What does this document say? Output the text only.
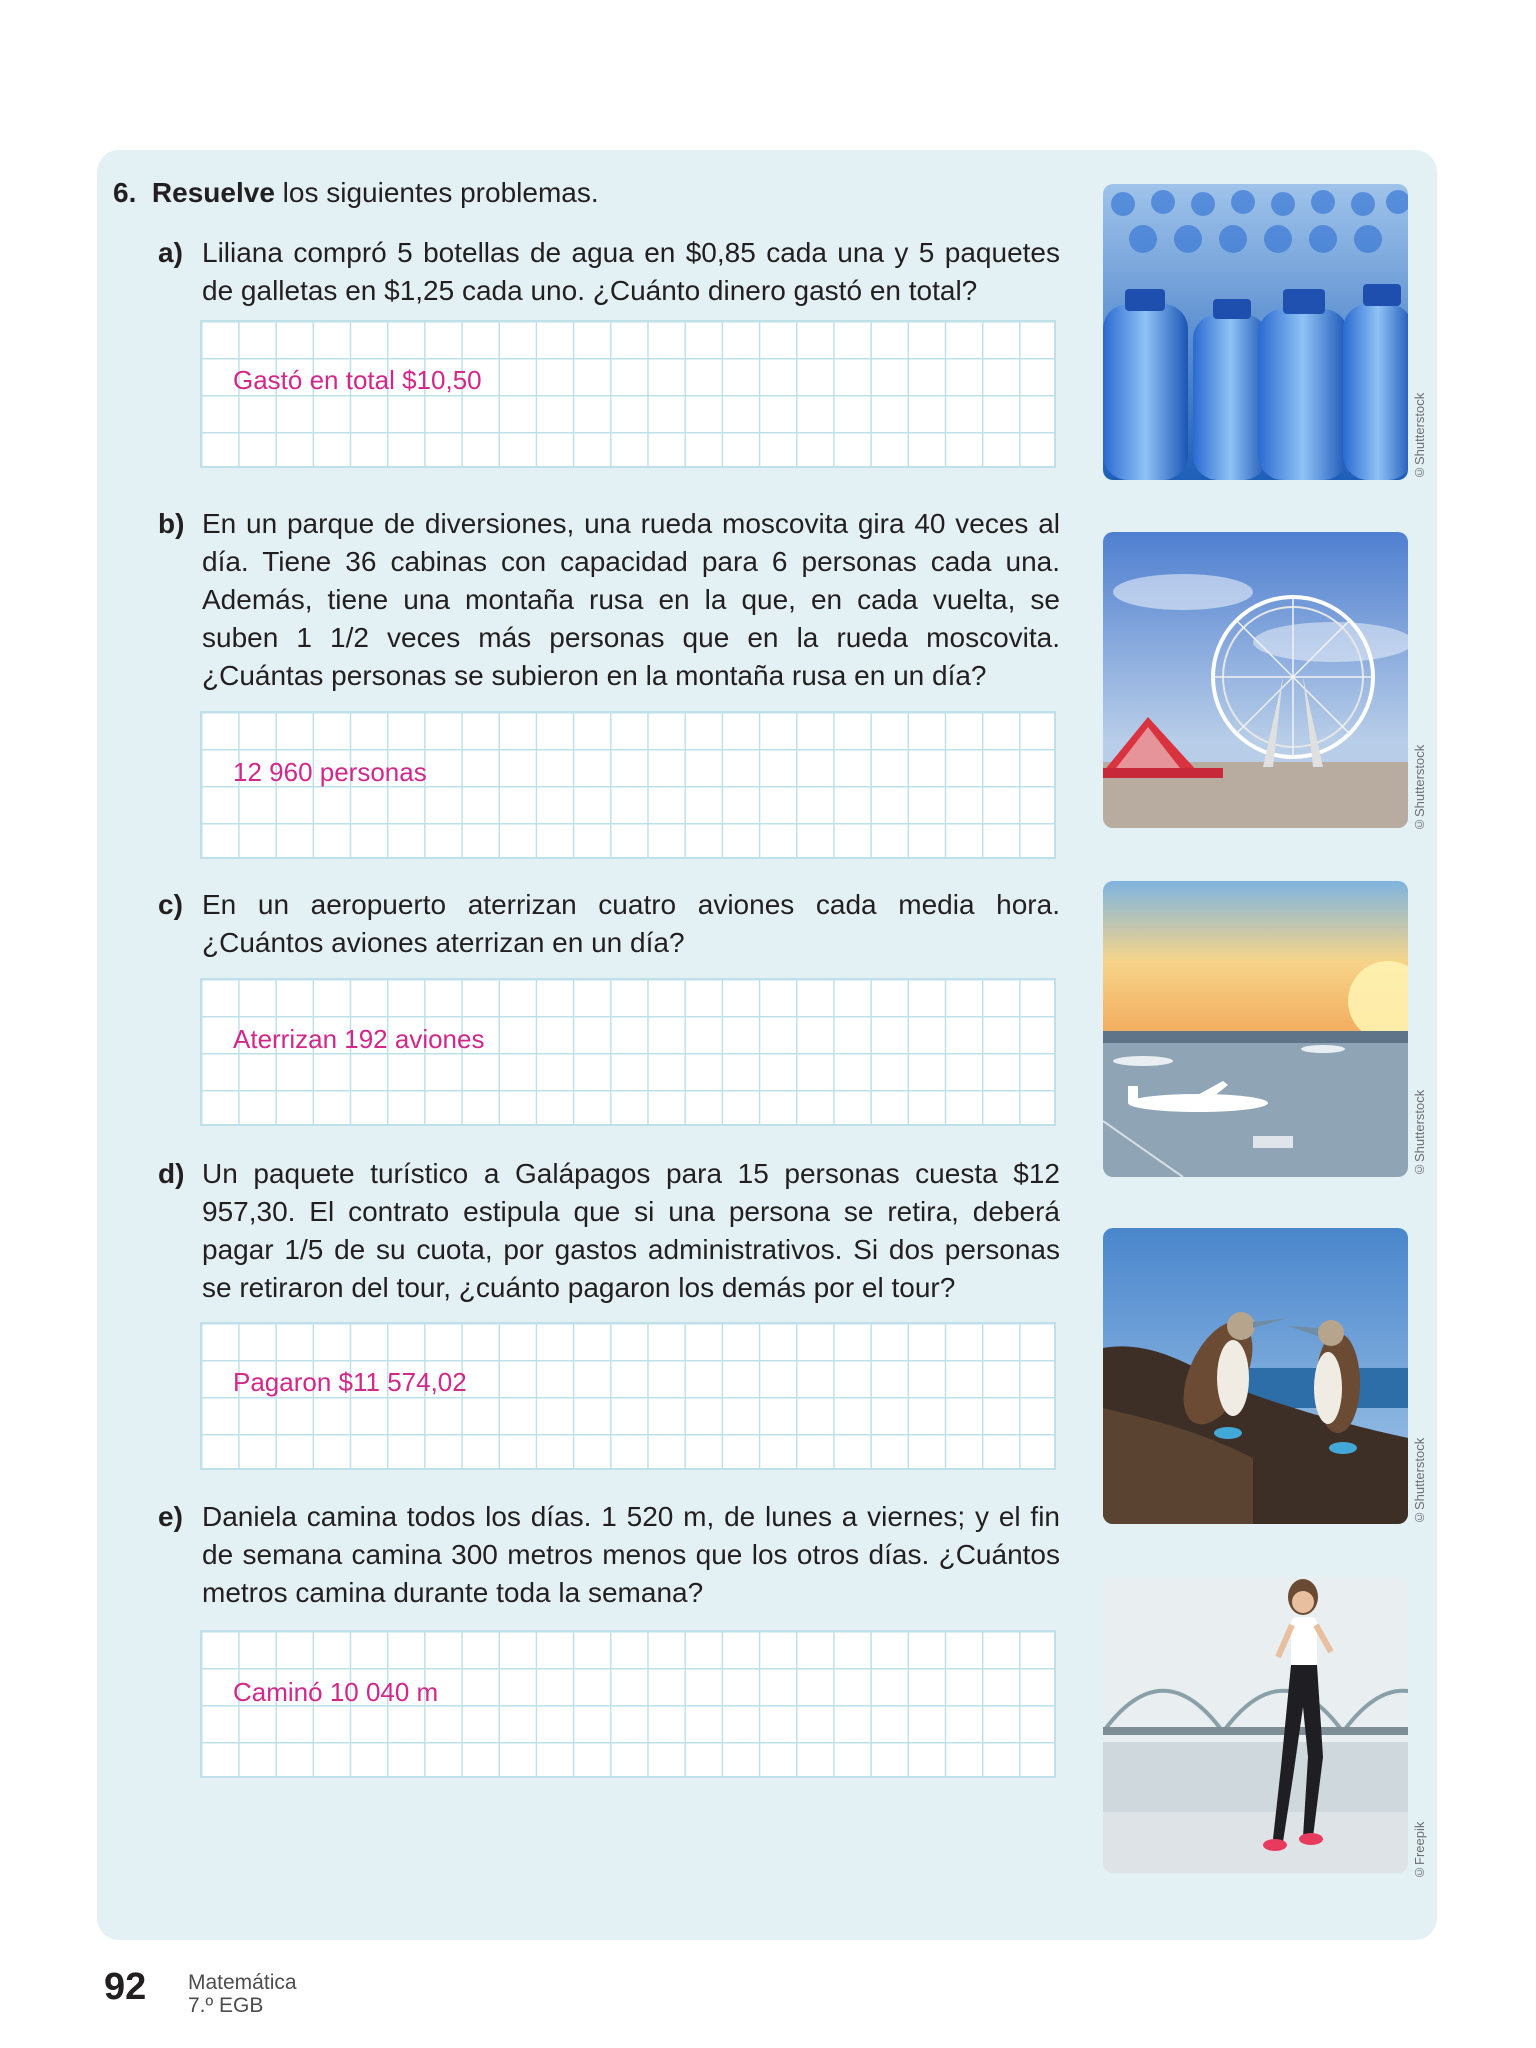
6. Resuelve los siguientes problemas.
a) Liliana compró 5 botellas de agua en $0,85 cada una y 5 paquetes de galletas en $1,25 cada uno. ¿Cuánto dinero gastó en total?
Gastó en total $10,50
b) En un parque de diversiones, una rueda moscovita gira 40 veces al día. Tiene 36 cabinas con capacidad para 6 personas cada una. Además, tiene una montaña rusa en la que, en cada vuelta, se suben 1 1/2 veces más personas que en la rueda moscovita. ¿Cuántas personas se subieron en la montaña rusa en un día?
12 960 personas
c) En un aeropuerto aterrizan cuatro aviones cada media hora. ¿Cuántos aviones aterrizan en un día?
Aterrizan 192 aviones
d) Un paquete turístico a Galápagos para 15 personas cuesta $12 957,30. El contrato estipula que si una persona se retira, deberá pagar 1/5 de su cuota, por gastos administrativos. Si dos personas se retiraron del tour, ¿cuánto pagaron los demás por el tour?
Pagaron $11 574,02
e) Daniela camina todos los días. 1 520 m, de lunes a viernes; y el fin de semana camina 300 metros menos que los otros días. ¿Cuántos metros camina durante toda la semana?
Caminó 10 040 m
©Shutterstock
©Shutterstock
©Shutterstock
©Shutterstock
©Freepik
92 Matemática
7.º EGB
